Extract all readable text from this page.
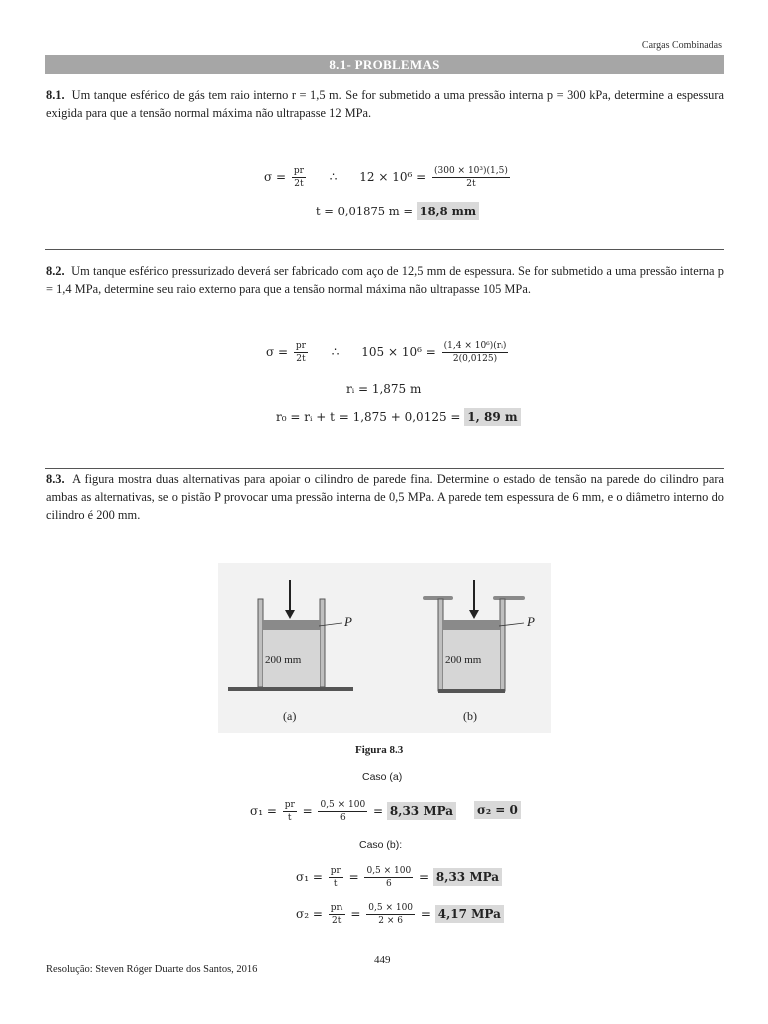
Cargas Combinadas
8.1- PROBLEMAS
8.1. Um tanque esférico de gás tem raio interno r = 1,5 m. Se for submetido a uma pressão interna p = 300 kPa, determine a espessura exigida para que a tensão normal máxima não ultrapasse 12 MPa.
$\sigma = \frac{pr}{2t}$ ∴ $12 \times 10^6 = \frac{\text{(300 × 10³)(1,5)}}{2t}$
t = 0,01875 m = 18,8 mm
8.2. Um tanque esférico pressurizado deverá ser fabricado com aço de 12,5 mm de espessura. Se for submetido a uma pressão interna p = 1,4 MPa, determine seu raio externo para que a tensão normal máxima não ultrapasse 105 MPa.
$\sigma = \frac{pr}{2t}$ ∴ $105 \times 10^6 = \frac{\text{(1,4 × 10⁶)(rᵢ)}}{2(0,0125)}$
rᵢ = 1,875 m
r₀ = rᵢ + t = 1,875 + 0,0125 = 1, 89 m
8.3. A figura mostra duas alternativas para apoiar o cilindro de parede fina. Determine o estado de tensão na parede do cilindro para ambas as alternativas, se o pistão P provocar uma pressão interna de 0,5 MPa. A parede tem espessura de 6 mm, e o diâmetro interno do cilindro é 200 mm.
P
200 mm
(a)
P
200 mm
(b)
Figura 8.3
Caso (a)
$\sigma_1 = \frac{pr}{t} = \frac{0,5 \times 100}{6} = 8,33$ MPa σ₂ = 0
Caso (b):
$\sigma_1 = \frac{pr}{t} = \frac{0,5 \times 100}{6} = 8,33$ MPa
$\sigma_2 = \frac{\text{prᵢ}}{2t} = \frac{0,5 \times 100}{2 \times 6} = 4,17$ MPa
449
Resolução: Steven Róger Duarte dos Santos, 2016
